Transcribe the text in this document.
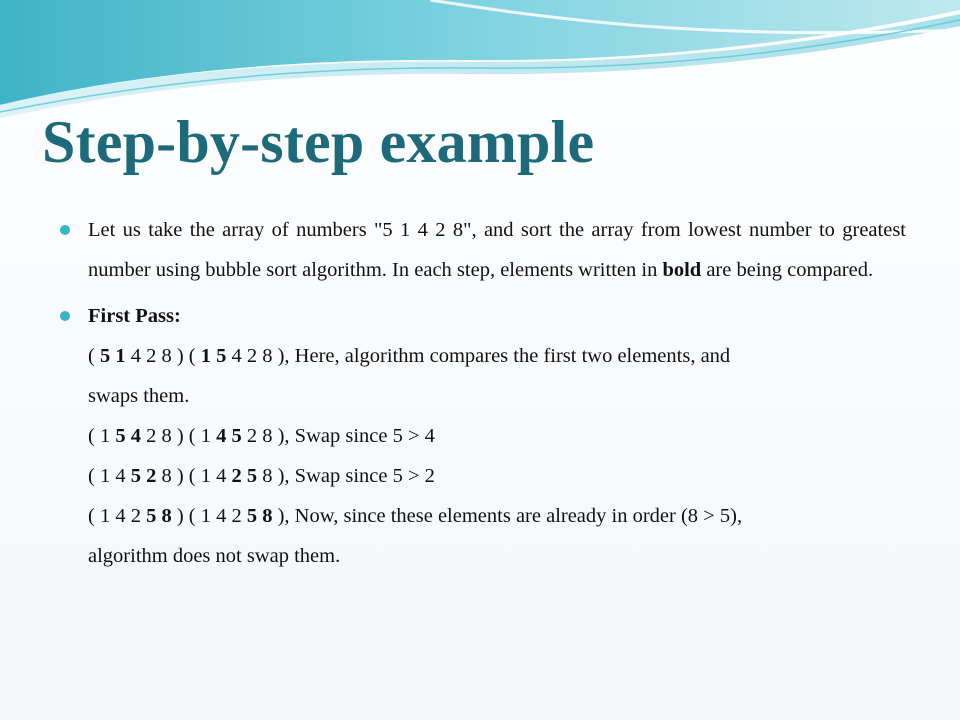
Step-by-step example
Let us take the array of numbers "5 1 4 2 8", and sort the array from lowest number to greatest number using bubble sort algorithm. In each step, elements written in bold are being compared.
First Pass:
( 5 1 4 2 8 ) ( 1 5 4 2 8 ), Here, algorithm compares the first two elements, and
swaps them.
( 1 5 4 2 8 ) ( 1 4 5 2 8 ), Swap since 5 > 4
( 1 4 5 2 8 ) ( 1 4 2 5 8 ), Swap since 5 > 2
( 1 4 2 5 8 ) ( 1 4 2 5 8 ), Now, since these elements are already in order (8 > 5),
algorithm does not swap them.
